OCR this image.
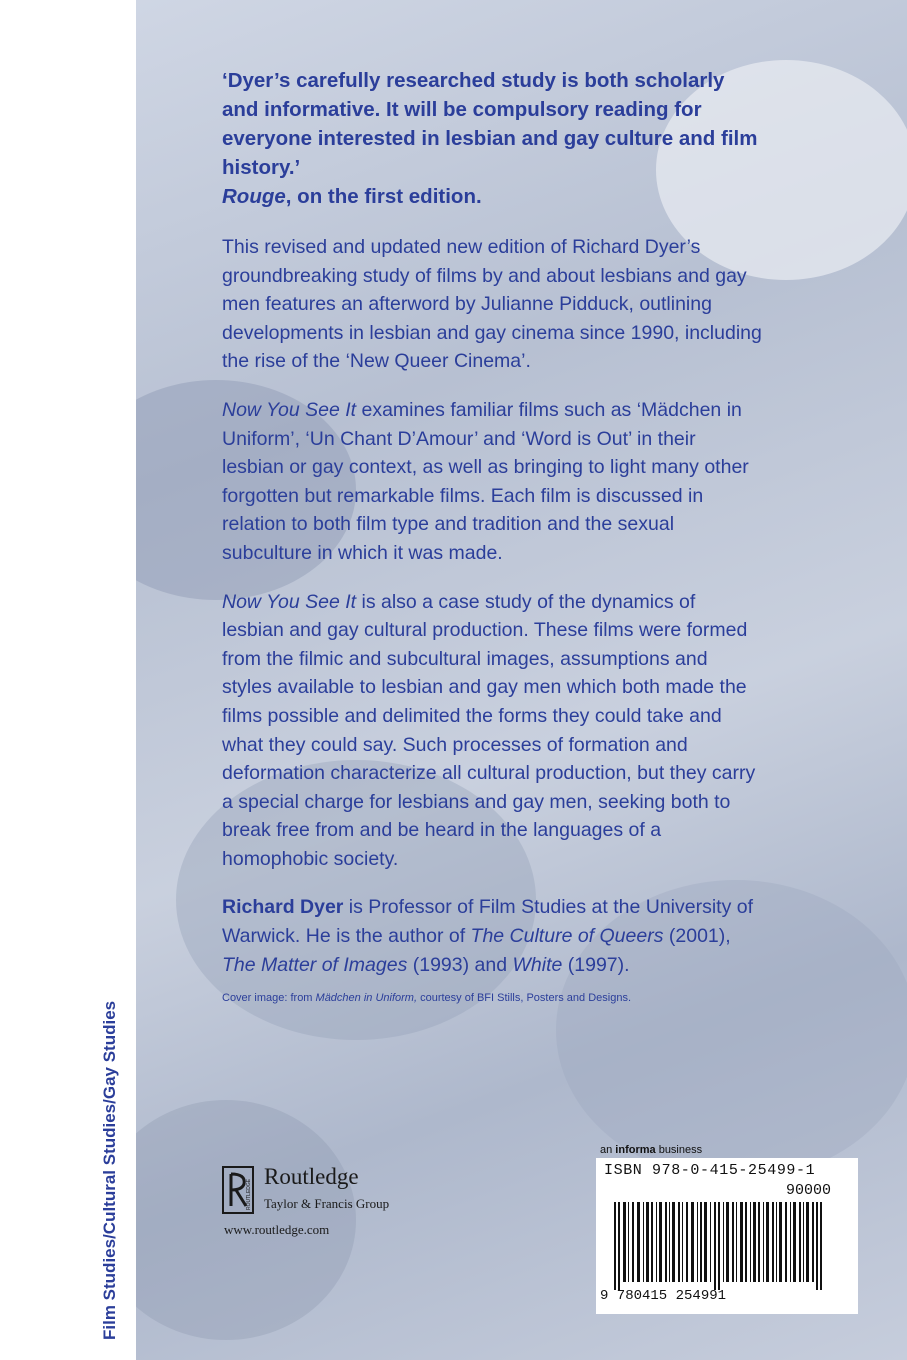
Film Studies/Cultural Studies/Gay Studies

‘Dyer’s carefully researched study is both scholarly and informative. It will be compulsory reading for everyone interested in lesbian and gay culture and film history.’
Rouge, on the first edition.

This revised and updated new edition of Richard Dyer’s groundbreaking study of films by and about lesbians and gay men features an afterword by Julianne Pidduck, outlining developments in lesbian and gay cinema since 1990, including the rise of the ‘New Queer Cinema’.

Now You See It examines familiar films such as ‘Mädchen in Uniform’, ‘Un Chant D’Amour’ and ‘Word is Out’ in their lesbian or gay context, as well as bringing to light many other forgotten but remarkable films. Each film is discussed in relation to both film type and tradition and the sexual subculture in which it was made.

Now You See It is also a case study of the dynamics of lesbian and gay cultural production. These films were formed from the filmic and subcultural images, assumptions and styles available to lesbian and gay men which both made the films possible and delimited the forms they could take and what they could say. Such processes of formation and deformation characterize all cultural production, but they carry a special charge for lesbians and gay men, seeking both to break free from and be heard in the languages of a homophobic society.

Richard Dyer is Professor of Film Studies at the University of Warwick. He is the author of The Culture of Queers (2001), The Matter of Images (1993) and White (1997).

Cover image: from Mädchen in Uniform, courtesy of BFI Stills, Posters and Designs.
ROUTLEDGE
Routledge
Taylor & Francis Group
www.routledge.com
an informa business
ISBN 978-0-415-25499-1
90000
9 780415 254991
